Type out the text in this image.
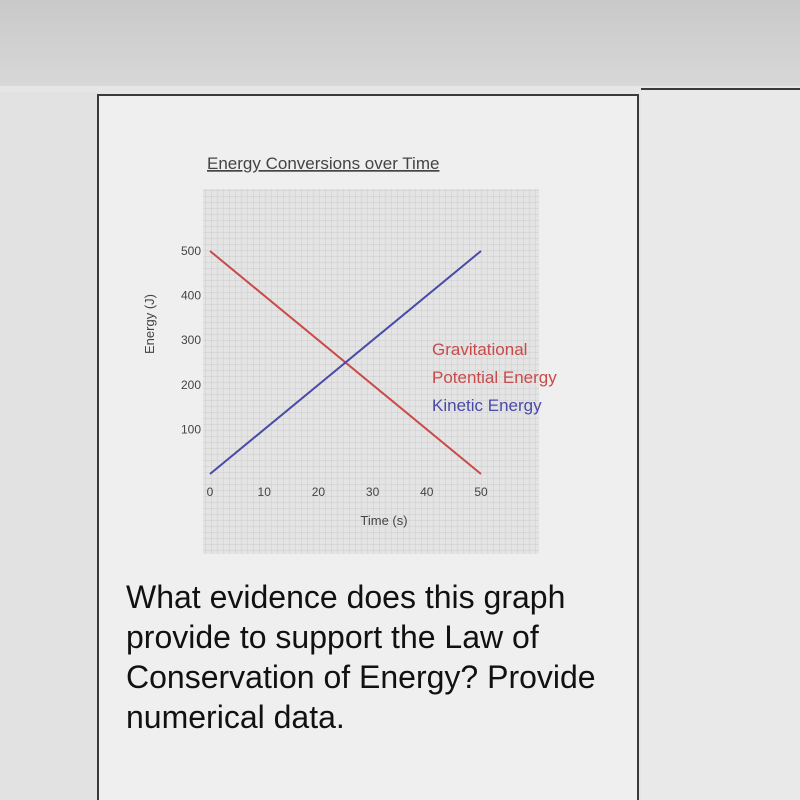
Energy Conversions over Time
100
200
300
400
500
0	10	20	30	40	50
Energy (J)
Time (s)
Gravitational
Potential Energy
Kinetic Energy

What evidence does this graph provide to support the Law of Conservation of Energy? Provide numerical data.
